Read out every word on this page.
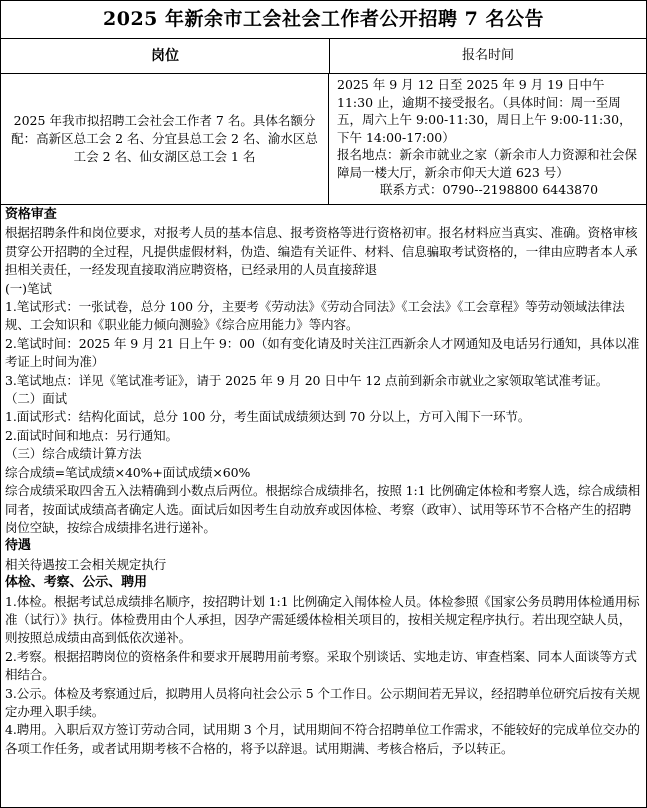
2025 年新余市工会社会工作者公开招聘 7 名公告
岗位	报名时间

2025 年我市拟招聘工会社会工作者 7 名。具体名额分配：高新区总工会 2 名、分宜县总工会 2 名、渝水区总工会 2 名、仙女湖区总工会 1 名

2025 年 9 月 12 日至 2025 年 9 月 19 日中午 11:30 止，逾期不接受报名。（具体时间：周一至周五，周六上午 9:00-11:30，周日上午 9:00-11:30，下午 14:00-17:00）

报名地点：新余市就业之家（新余市人力资源和社会保障局一楼大厅，新余市仰天大道 623 号）

联系方式：0790--2198800 6443870

资格审查

根据招聘条件和岗位要求，对报考人员的基本信息、报考资格等进行资格初审。报名材料应当真实、准确。资格审核贯穿公开招聘的全过程，凡提供虚假材料，伪造、编造有关证件、材料、信息骗取考试资格的，一律由应聘者本人承担相关责任，一经发现直接取消应聘资格，已经录用的人员直接辞退

(一)笔试

1.笔试形式：一张试卷，总分 100 分，主要考《劳动法》《劳动合同法》《工会法》《工会章程》等劳动领域法律法规、工会知识和《职业能力倾向测验》《综合应用能力》等内容。

2.笔试时间：2025 年 9 月 21 日上午 9：00（如有变化请及时关注江西新余人才网通知及电话另行通知，具体以准考证上时间为准）

3.笔试地点：详见《笔试准考证》，请于 2025 年 9 月 20 日中午 12 点前到新余市就业之家领取笔试准考证。

（二）面试

1.面试形式：结构化面试，总分 100 分，考生面试成绩须达到 70 分以上，方可入闱下一环节。

2.面试时间和地点：另行通知。

（三）综合成绩计算方法

综合成绩=笔试成绩×40%+面试成绩×60%

综合成绩采取四舍五入法精确到小数点后两位。根据综合成绩排名，按照 1:1 比例确定体检和考察人选，综合成绩相同者，按面试成绩高者确定人选。面试后如因考生自动放弃或因体检、考察（政审）、试用等环节不合格产生的招聘岗位空缺，按综合成绩排名进行递补。

待遇

相关待遇按工会相关规定执行

体检、考察、公示、聘用

1.体检。根据考试总成绩排名顺序，按招聘计划 1:1 比例确定入闱体检人员。体检参照《国家公务员聘用体检通用标准（试行）》执行。体检费用由个人承担，因孕产需延缓体检相关项目的，按相关规定程序执行。若出现空缺人员，则按照总成绩由高到低依次递补。

2.考察。根据招聘岗位的资格条件和要求开展聘用前考察。采取个别谈话、实地走访、审查档案、同本人面谈等方式相结合。

3.公示。体检及考察通过后，拟聘用人员将向社会公示 5 个工作日。公示期间若无异议，经招聘单位研究后按有关规定办理入职手续。

4.聘用。入职后双方签订劳动合同，试用期 3 个月，试用期间不符合招聘单位工作需求，不能较好的完成单位交办的各项工作任务，或者试用期考核不合格的，将予以辞退。试用期满、考核合格后，予以转正。
